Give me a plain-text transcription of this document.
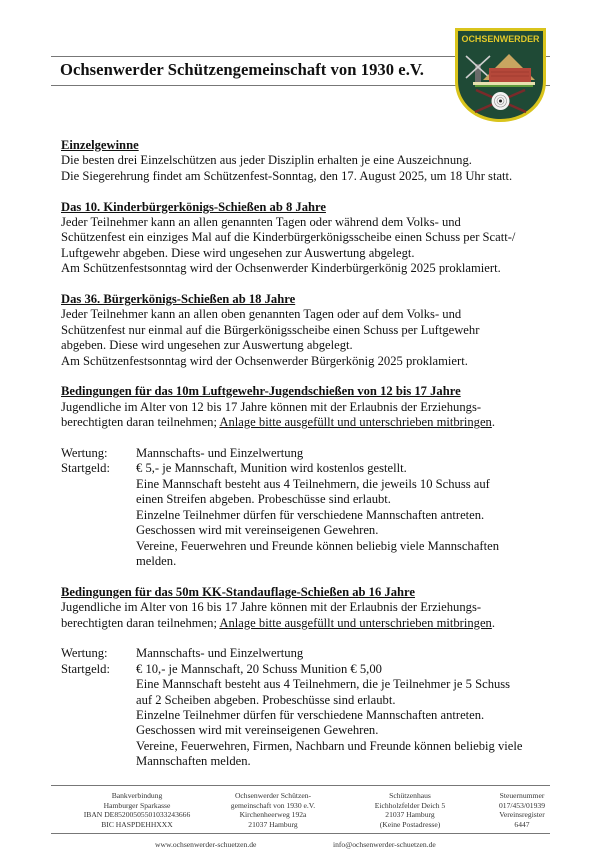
Ochsenwerder Schützengemeinschaft von 1930 e.V.
OCHSENWERDER
Einzelgewinne
Die besten drei Einzelschützen aus jeder Disziplin erhalten je eine Auszeichnung.
Die Siegerehrung findet am Schützenfest-Sonntag, den 17. August 2025, um 18 Uhr statt.
Das 10. Kinderbürgerkönigs-Schießen ab 8 Jahre
Jeder Teilnehmer kann an allen genannten Tagen oder während dem Volks- und
Schützenfest ein einziges Mal auf die Kinderbürgerkönigsscheibe einen Schuss per Scatt-/
Luftgewehr abgeben. Diese wird ungesehen zur Auswertung abgelegt.
Am Schützenfestsonntag wird der Ochsenwerder Kinderbürgerkönig 2025 proklamiert.
Das 36. Bürgerkönigs-Schießen ab 18 Jahre
Jeder Teilnehmer kann an allen oben genannten Tagen oder auf dem Volks- und
Schützenfest nur einmal auf die Bürgerkönigsscheibe einen Schuss per Luftgewehr
abgeben. Diese wird ungesehen zur Auswertung abgelegt.
Am Schützenfestsonntag wird der Ochsenwerder Bürgerkönig 2025 proklamiert.
Bedingungen für das 10m Luftgewehr-Jugendschießen von 12 bis 17 Jahre
Jugendliche im Alter von 12 bis 17 Jahre können mit der Erlaubnis der Erziehungs-
berechtigten daran teilnehmen; Anlage bitte ausgefüllt und unterschrieben mitbringen.
Wertung:	Mannschafts- und Einzelwertung
Startgeld:	€ 5,- je Mannschaft, Munition wird kostenlos gestellt.
Eine Mannschaft besteht aus 4 Teilnehmern, die jeweils 10 Schuss auf
einen Streifen abgeben. Probeschüsse sind erlaubt.
Einzelne Teilnehmer dürfen für verschiedene Mannschaften antreten.
Geschossen wird mit vereinseigenen Gewehren.
Vereine, Feuerwehren und Freunde können beliebig viele Mannschaften
melden.
Bedingungen für das 50m KK-Standauflage-Schießen ab 16 Jahre
Jugendliche im Alter von 16 bis 17 Jahre können mit der Erlaubnis der Erziehungs-
berechtigten daran teilnehmen; Anlage bitte ausgefüllt und unterschrieben mitbringen.
Wertung:	Mannschafts- und Einzelwertung
Startgeld:	€ 10,- je Mannschaft, 20 Schuss Munition € 5,00
Eine Mannschaft besteht aus 4 Teilnehmern, die je Teilnehmer je 5 Schuss
auf 2 Scheiben abgeben. Probeschüsse sind erlaubt.
Einzelne Teilnehmer dürfen für verschiedene Mannschaften antreten.
Geschossen wird mit vereinseigenen Gewehren.
Vereine, Feuerwehren, Firmen, Nachbarn und Freunde können beliebig viele
Mannschaften melden.
Bankverbindung
Hamburger Sparkasse
IBAN DE85200505501033243666
BIC HASPDEHHXXX
Ochsenwerder Schützen-
gemeinschaft von 1930 e.V.
Kirchenheerweg 192a
21037 Hamburg
Schützenhaus
Eichholzfelder Deich 5
21037 Hamburg
(Keine Postadresse)
Steuernummer
017/453/01939
Vereinsregister
6447
www.ochsenwerder-schuetzen.de	info@ochsenwerder-schuetzen.de
